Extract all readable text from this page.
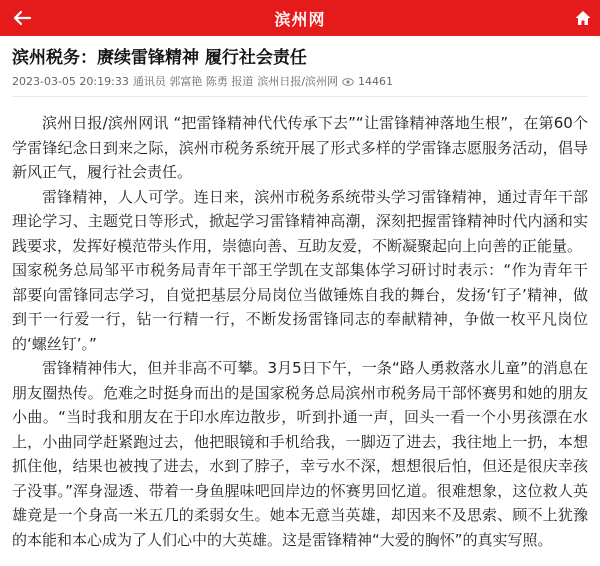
滨州网
滨州税务：赓续雷锋精神 履行社会责任
2023-03-05 20:19:33 通讯员 郭富艳 陈勇 报道 滨州日报/滨州网 14461

滨州日报/滨州网讯 “把雷锋精神代代传承下去”“让雷锋精神落地生根”，在第60个学雷锋纪念日到来之际，滨州市税务系统开展了形式多样的学雷锋志愿服务活动，倡导新风正气，履行社会责任。

雷锋精神，人人可学。连日来，滨州市税务系统带头学习雷锋精神，通过青年干部理论学习、主题党日等形式，掀起学习雷锋精神高潮，深刻把握雷锋精神时代内涵和实践要求，发挥好模范带头作用，崇德向善、互助友爱，不断凝聚起向上向善的正能量。

国家税务总局邹平市税务局青年干部王学凯在支部集体学习研讨时表示：“作为青年干部要向雷锋同志学习，自觉把基层分局岗位当做锤炼自我的舞台，发扬‘钉子’精神，做到干一行爱一行，钻一行精一行，不断发扬雷锋同志的奉献精神，争做一枚平凡岗位的‘螺丝钉’。”

雷锋精神伟大，但并非高不可攀。3月5日下午，一条“路人勇救落水儿童”的消息在朋友圈热传。危难之时挺身而出的是国家税务总局滨州市税务局干部怀赛男和她的朋友小曲。“当时我和朋友在于印水库边散步，听到扑通一声，回头一看一个小男孩漂在水上，小曲同学赶紧跑过去，他把眼镜和手机给我，一脚迈了进去，我往地上一扔，本想抓住他，结果也被拽了进去，水到了脖子，幸亏水不深，想想很后怕，但还是很庆幸孩子没事。”浑身湿透、带着一身鱼腥味吧回岸边的怀赛男回忆道。很难想象，这位救人英雄竟是一个身高一米五几的柔弱女生。她本无意当英雄，却因来不及思索、顾不上犹豫的本能和本心成为了人们心中的大英雄。这是雷锋精神“大爱的胸怀”的真实写照。
